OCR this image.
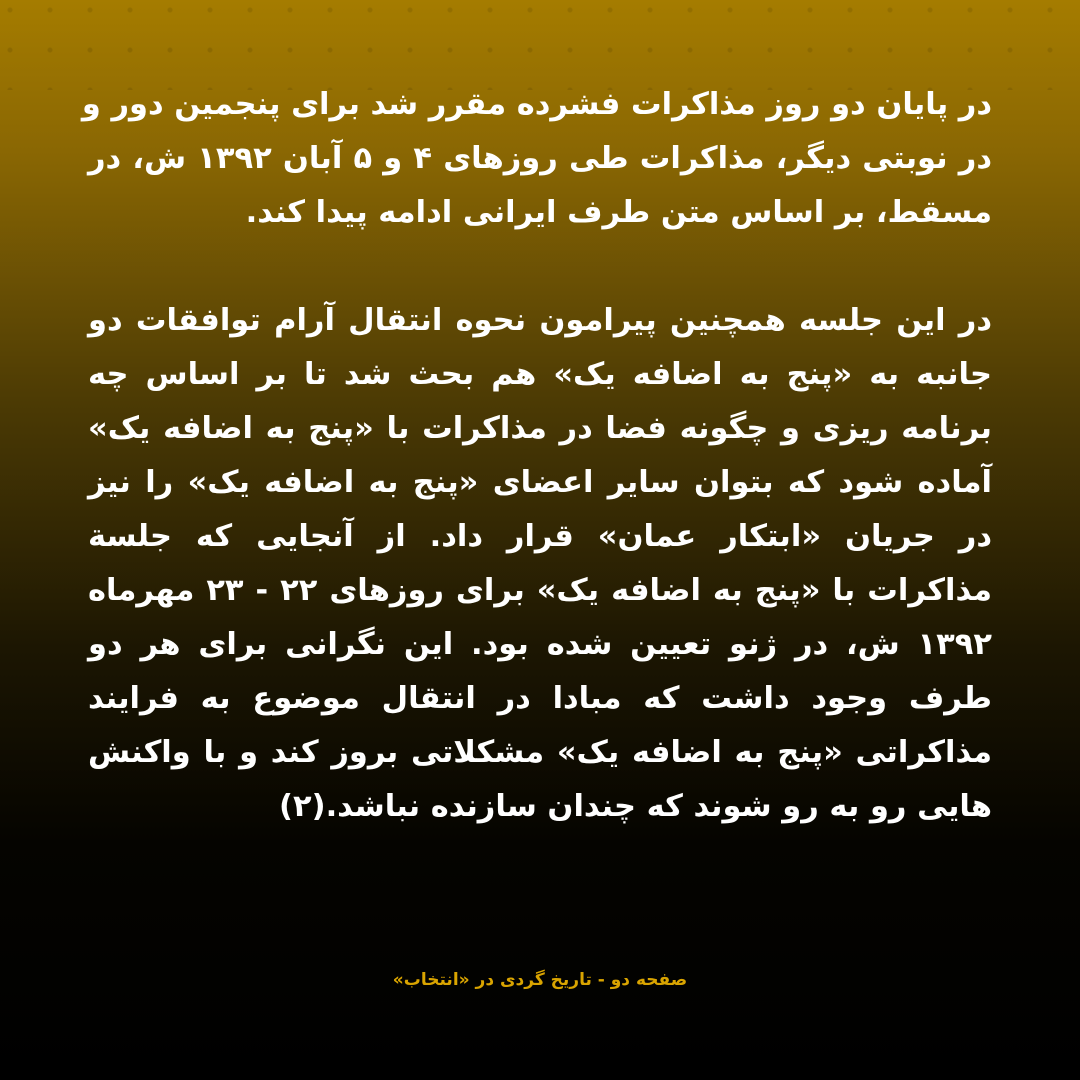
در پایان دو روز مذاکرات فشرده مقرر شد برای پنجمین دور و
در نوبتی دیگر، مذاکرات طی روزهای ۴ و ۵ آبان ۱۳۹۲ ش، در
مسقط، بر اساس متن طرف ایرانی ادامه پیدا کند.
در این جلسه همچنین پیرامون نحوه انتقال آرام توافقات دو
جانبه به «پنج به اضافه یک» هم بحث شد تا بر اساس چه
برنامه ریزی و چگونه فضا در مذاکرات با «پنج به اضافه یک»
آماده شود که بتوان سایر اعضای «پنج به اضافه یک» را نیز
در جریان «ابتکار عمان» قرار داد. از آنجایی که جلسة
مذاکرات با «پنج به اضافه یک» برای روزهای ۲۲ - ۲۳ مهرماه
۱۳۹۲ ش، در ژنو تعیین شده بود. این نگرانی برای هر دو
طرف وجود داشت که مبادا در انتقال موضوع به فرایند
مذاکراتی «پنج به اضافه یک» مشکلاتی بروز کند و با واکنش
هایی رو به رو شوند که چندان سازنده نباشد.(۲)
صفحه دو - تاریخ گردی در «انتخاب»
